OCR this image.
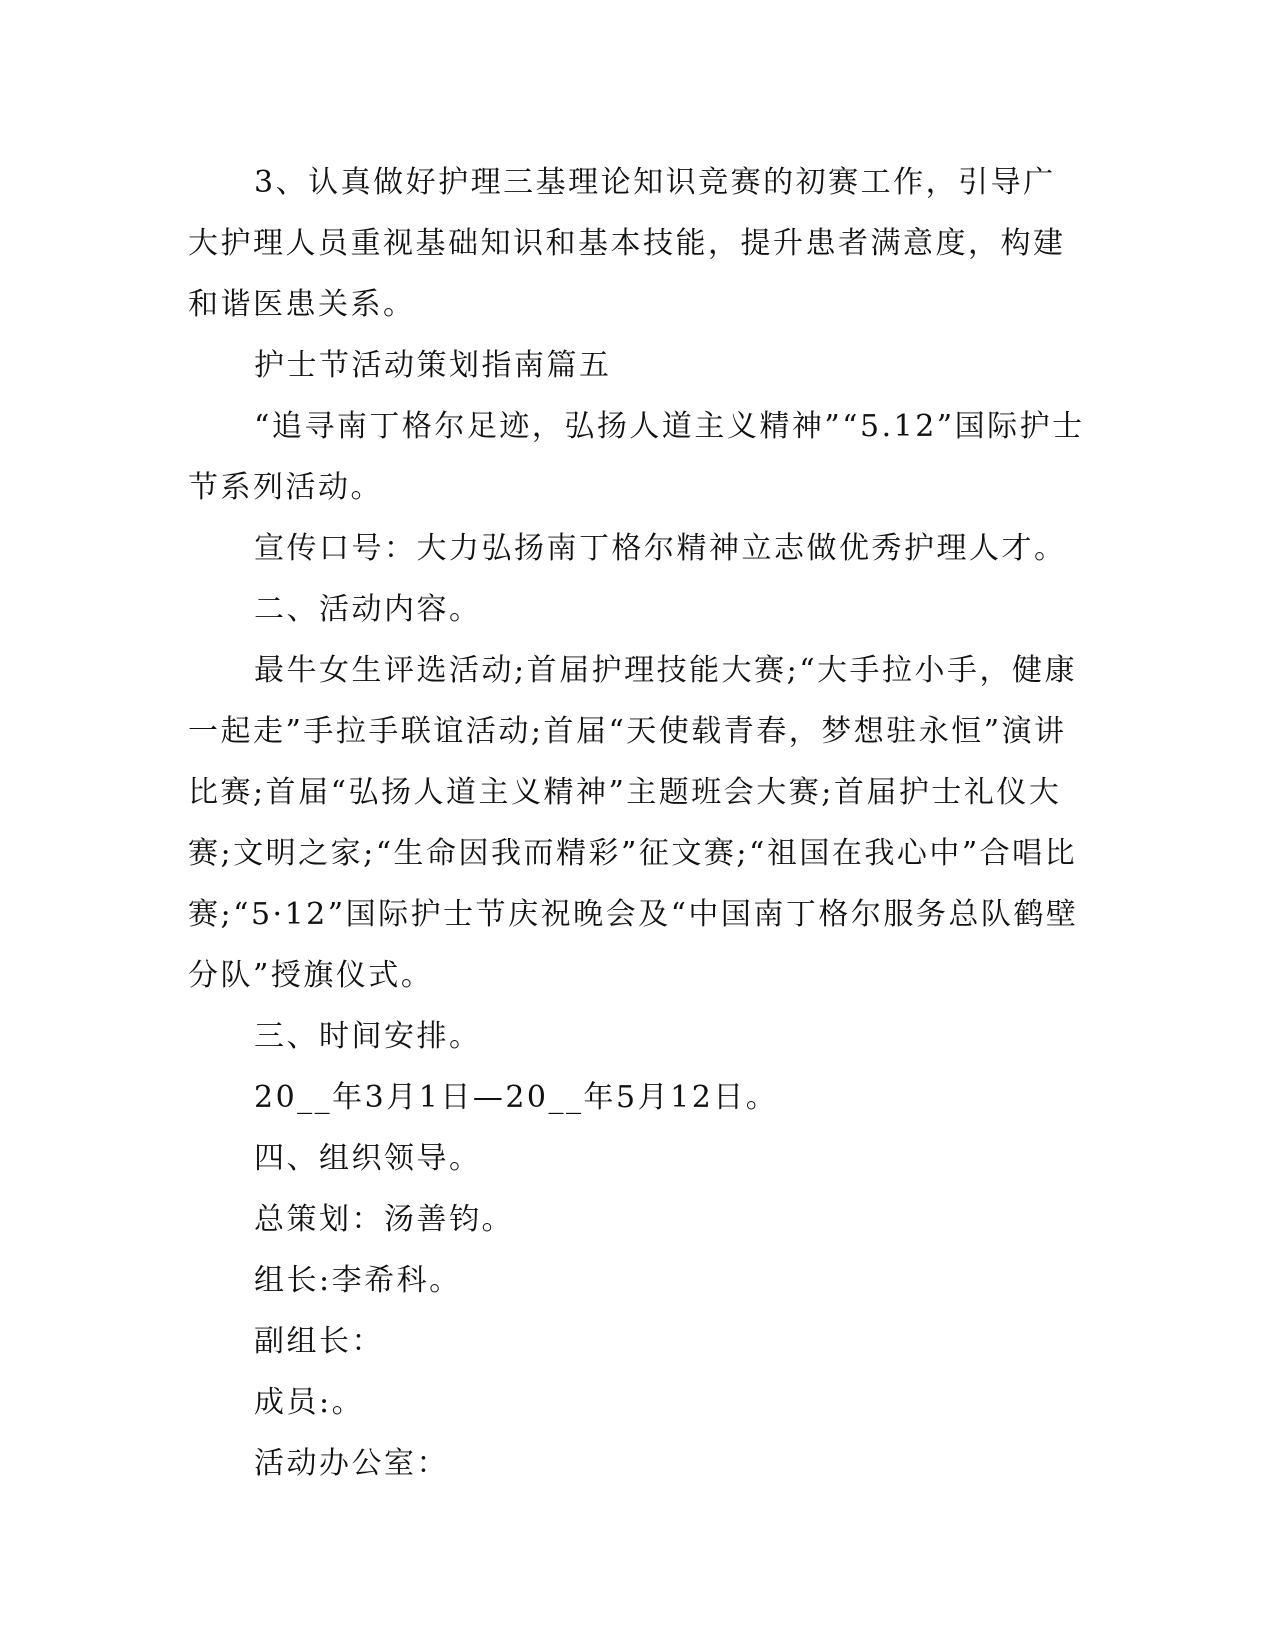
3、认真做好护理三基理论知识竞赛的初赛工作，引导广大护理人员重视基础知识和基本技能，提升患者满意度，构建和谐医患关系。

护士节活动策划指南篇五

“追寻南丁格尔足迹，弘扬人道主义精神”“5.12”国际护士节系列活动。

宣传口号：大力弘扬南丁格尔精神立志做优秀护理人才。

二、活动内容。

最牛女生评选活动;首届护理技能大赛;“大手拉小手，健康一起走”手拉手联谊活动;首届“天使载青春，梦想驻永恒”演讲比赛;首届“弘扬人道主义精神”主题班会大赛;首届护士礼仪大赛;文明之家;“生命因我而精彩”征文赛;“祖国在我心中”合唱比赛;“5·12”国际护士节庆祝晚会及“中国南丁格尔服务总队鹤壁分队”授旗仪式。

三、时间安排。

20__年3月1日—20__年5月12日。

四、组织领导。

总策划：汤善钧。

组长:李希科。

副组长：

成员:。

活动办公室：
